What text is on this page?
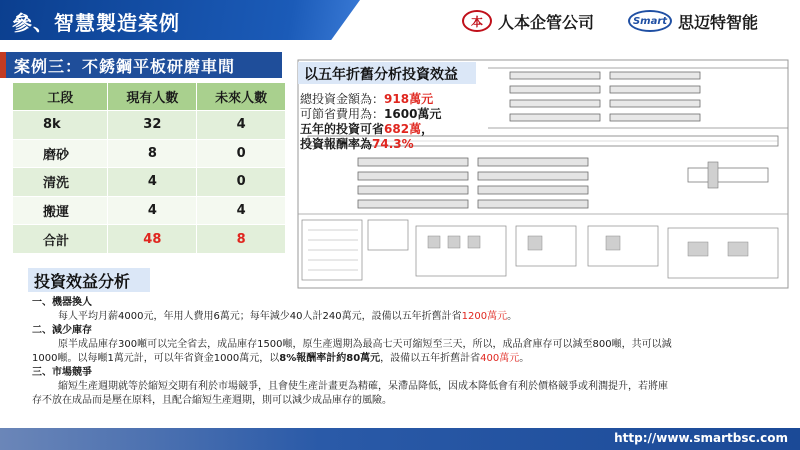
參、智慧製造案例	本 人本企管公司	Smart 思迈特智能
案例三：不銹鋼平板研磨車間
工段	現有人數	未來人數
8k	32	4
磨砂	8	0
清洗	4	0
搬運	4	4
合計	48	8
以五年折舊分析投資效益
總投資金額為：918萬元
可節省費用為：1600萬元
五年的投資可省682萬，
投資報酬率為74.3%
投資效益分析
一、機器換人
每人平均月薪4000元，年用人費用6萬元；每年減少40人計240萬元，設備以五年折舊計省1200萬元。
二、減少庫存
原半成品庫存300噸可以完全省去，成品庫存1500噸，原生產週期為最高七天可縮短至三天，所以，成品倉庫存可以減至800噸，共可以減
1000噸。以每噸1萬元計，可以年省資金1000萬元，以8%報酬率計約80萬元，設備以五年折舊計省400萬元。
三、市場競爭
縮短生產週期就等於縮短交期有利於市場競爭，且會使生產計畫更為精確，呆滯品降低，因成本降低會有利於價格競爭或利潤提升，若將庫
存不放在成品而是壓在原料，且配合縮短生產週期，則可以減少成品庫存的風險。
http://www.smartbsc.com
